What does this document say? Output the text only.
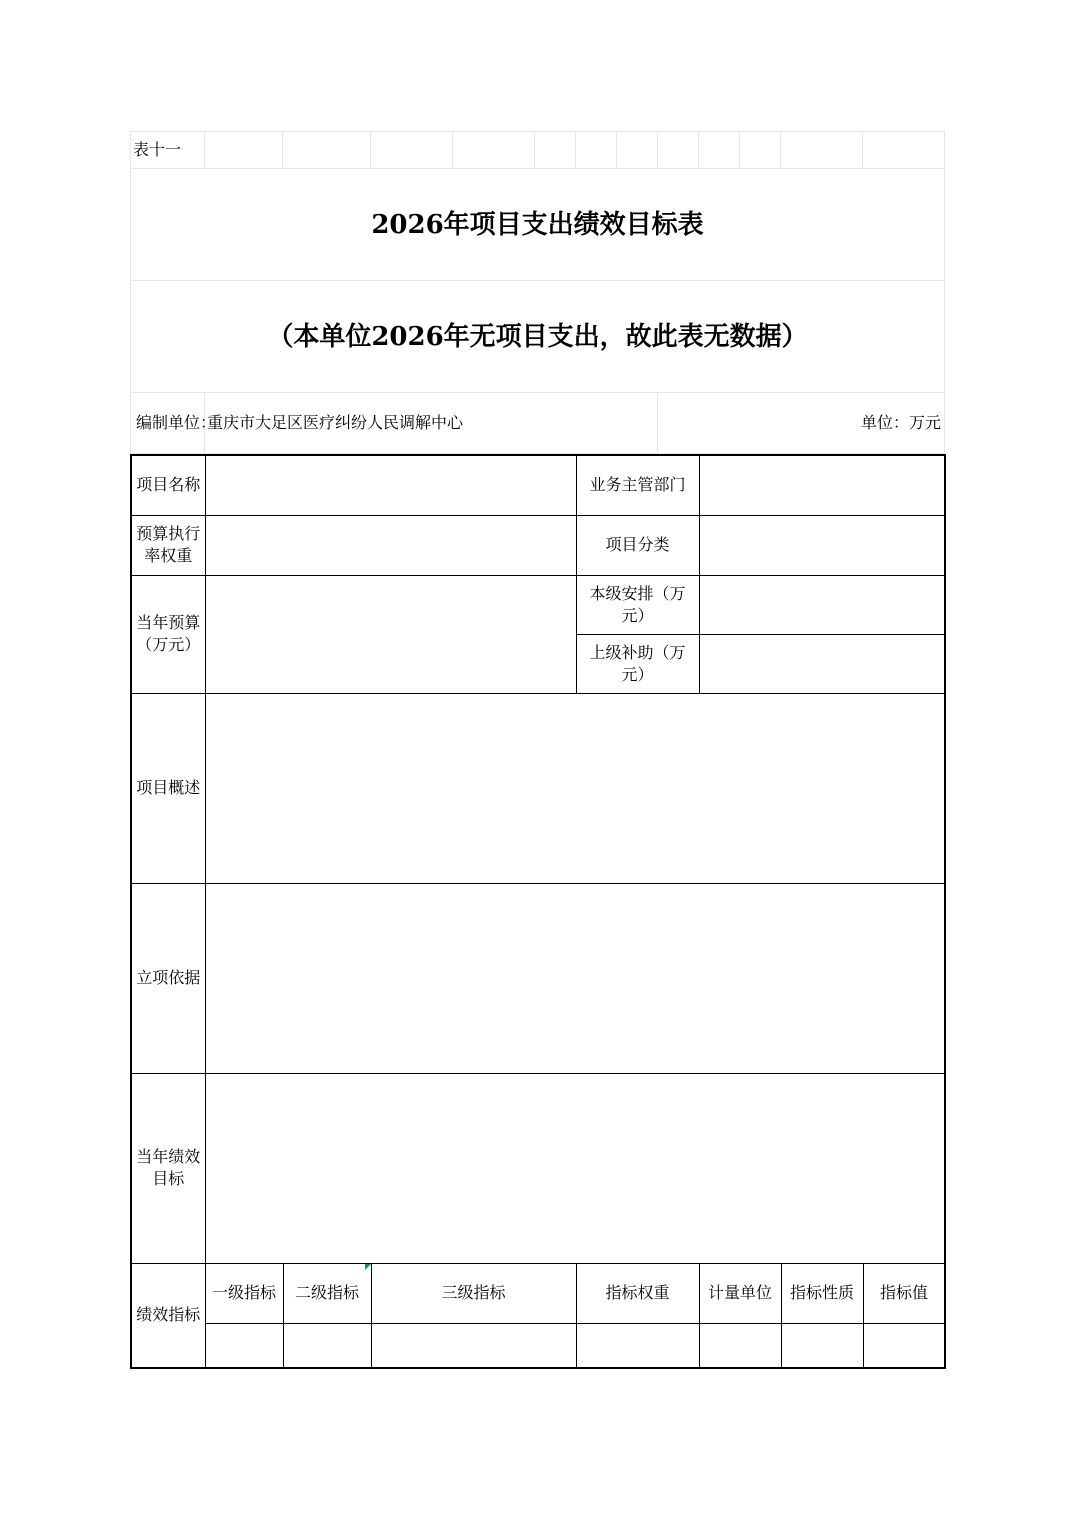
表十一												
2026年项目支出绩效目标表												
（本单位2026年无项目支出，故此表无数据）												
编制单位：	重庆市大足区医疗纠纷人民调解中心							单位：万元				
项目名称				业务主管部门				
预算执行率权重				项目分类				
当年预算（万元）				本级安排（万元）				
				上级补助（万元）				
项目概述								
立项依据								
当年绩效目标								
绩效指标	一级指标	二级指标	三级指标	指标权重	计量单位	指标性质	指标值	
